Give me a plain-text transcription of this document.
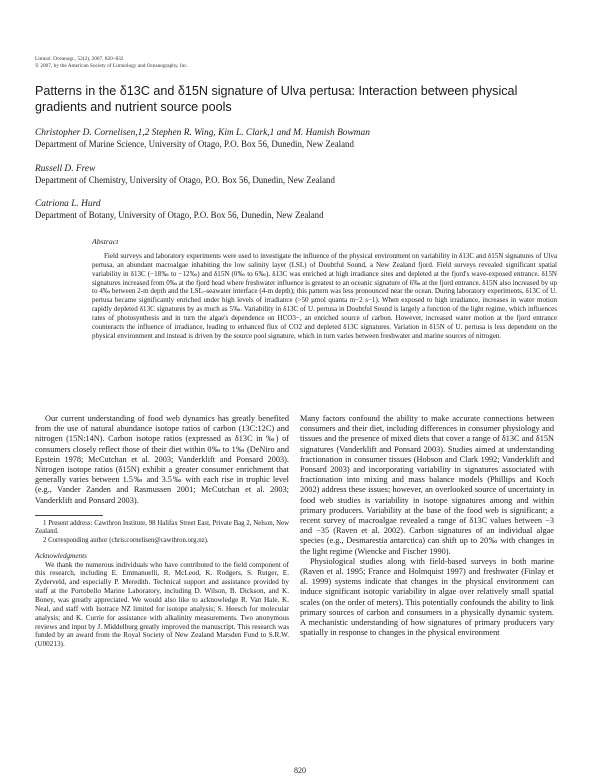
Limnol. Oceanogr., 52(2), 2007, 820–832
© 2007, by the American Society of Limnology and Oceanography, Inc.
Patterns in the δ13C and δ15N signature of Ulva pertusa: Interaction between physical gradients and nutrient source pools
Christopher D. Cornelisen,1,2 Stephen R. Wing, Kim L. Clark,1 and M. Hamish Bowman
Department of Marine Science, University of Otago, P.O. Box 56, Dunedin, New Zealand
Russell D. Frew
Department of Chemistry, University of Otago, P.O. Box 56, Dunedin, New Zealand
Catriona L. Hurd
Department of Botany, University of Otago, P.O. Box 56, Dunedin, New Zealand
Abstract

Field surveys and laboratory experiments were used to investigate the influence of the physical environment on variability in δ13C and δ15N signatures of Ulva pertusa, an abundant macroalgae inhabiting the low salinity layer (LSL) of Doubtful Sound, a New Zealand fjord. Field surveys revealed significant spatial variability in δ13C (−18‰ to −12‰) and δ15N (0‰ to 6‰). δ13C was enriched at high irradiance sites and depleted at the fjord's wave-exposed entrance. δ15N signatures increased from 0‰ at the fjord head where freshwater influence is greatest to an oceanic signature of 6‰ at the fjord entrance. δ15N also increased by up to 4‰ between 2-m depth and the LSL–seawater interface (4-m depth); this pattern was less pronounced near the ocean. During laboratory experiments, δ13C of U. pertusa became significantly enriched under high levels of irradiance (>50 μmol quanta m−2 s−1). When exposed to high irradiance, increases in water motion rapidly depleted δ13C signatures by as much as 5‰. Variability in δ13C of U. pertusa in Doubtful Sound is largely a function of the light regime, which influences rates of photosynthesis and in turn the algae's dependence on HCO3−, an enriched source of carbon. However, increased water motion at the fjord entrance counteracts the influence of irradiance, leading to enhanced flux of CO2 and depleted δ13C signatures. Variation in δ15N of U. pertusa is less dependent on the physical environment and instead is driven by the source pool signature, which in turn varies between freshwater and marine sources of nitrogen.

Our current understanding of food web dynamics has greatly benefited from the use of natural abundance isotope ratios of carbon (13C:12C) and nitrogen (15N:14N). Carbon isotope ratios (expressed as δ13C in ‰) of consumers closely reflect those of their diet within 0‰ to 1‰ (DeNiro and Epstein 1978; McCutchan et al. 2003; Vanderklift and Ponsard 2003). Nitrogen isotope ratios (δ15N) exhibit a greater consumer enrichment that generally varies between 1.5‰ and 3.5‰ with each rise in trophic level (e.g., Vander Zanden and Rasmussen 2001; McCutchan et al. 2003; Vanderklift and Ponsard 2003).

1 Present address: Cawthron Institute, 98 Halifax Street East, Private Bag 2, Nelson, New Zealand.

2 Corresponding author (chris.cornelisen@cawthron.org.nz).

Acknowledgments

We thank the numerous individuals who have contributed to the field component of this research, including E. Emmanuelli, R. McLeod, K. Rodgers, S. Rutger, E. Zyderveld, and especially P. Meredith. Technical support and assistance provided by staff at the Portobello Marine Laboratory, including D. Wilson, B. Dickson, and K. Boney, was greatly appreciated. We would also like to acknowledge R. Van Hale, K. Neal, and staff with Isotrace NZ limited for isotope analysis; S. Heesch for molecular analysis; and K. Currie for assistance with alkalinity measurements. Two anonymous reviews and input by J. Middelburg greatly improved the manuscript. This research was funded by an award from the Royal Society of New Zealand Marsden Fund to S.R.W. (U00213).

Many factors confound the ability to make accurate connections between consumers and their diet, including differences in consumer physiology and tissues and the presence of mixed diets that cover a range of δ13C and δ15N signatures (Vanderklift and Ponsard 2003). Studies aimed at understanding fractionation in consumer tissues (Hobson and Clark 1992; Vanderklift and Ponsard 2003) and incorporating variability in signatures associated with fractionation into mixing and mass balance models (Phillips and Koch 2002) address these issues; however, an overlooked source of uncertainty in food web studies is variability in isotope signatures among and within primary producers. Variability at the base of the food web is significant; a recent survey of macroalgae revealed a range of δ13C values between −3 and −35 (Raven et al. 2002). Carbon signatures of an individual algae species (e.g., Desmarestia antarctica) can shift up to 20‰ with changes in the light regime (Wiencke and Fischer 1990).

Physiological studies along with field-based surveys in both marine (Raven et al. 1995; France and Holmquist 1997) and freshwater (Finlay et al. 1999) systems indicate that changes in the physical environment can induce significant isotopic variability in algae over relatively small spatial scales (on the order of meters). This potentially confounds the ability to link primary sources of carbon and consumers in a physically dynamic system. A mechanistic understanding of how signatures of primary producers vary spatially in response to changes in the physical environment

820
